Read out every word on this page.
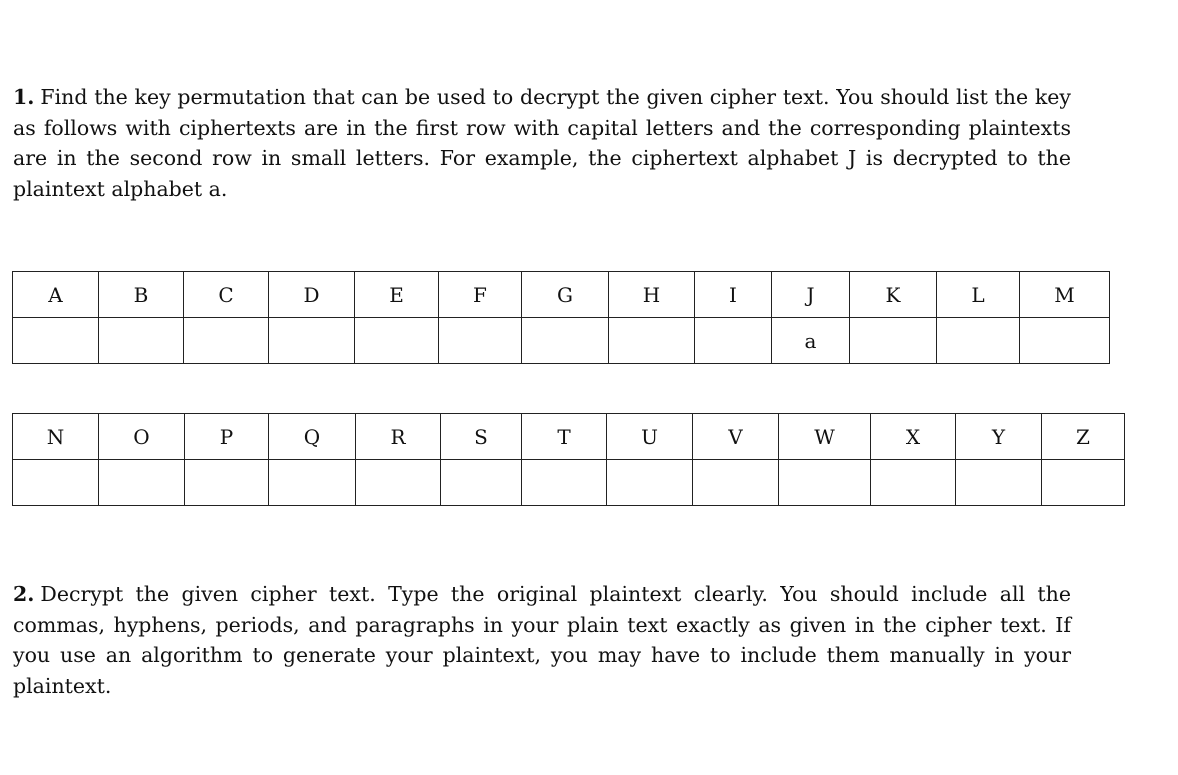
1. Find the key permutation that can be used to decrypt the given cipher text. You should list the key as follows with ciphertexts are in the first row with capital letters and the corresponding plaintexts are in the second row in small letters. For example, the ciphertext alphabet J is decrypted to the plaintext alphabet a.

A	B	C	D	E	F	G	H	I	J	K	L	M
									a			
N	O	P	Q	R	S	T	U	V	W	X	Y	Z

2. Decrypt the given cipher text. Type the original plaintext clearly. You should include all the commas, hyphens, periods, and paragraphs in your plain text exactly as given in the cipher text. If you use an algorithm to generate your plaintext, you may have to include them manually in your plaintext.
